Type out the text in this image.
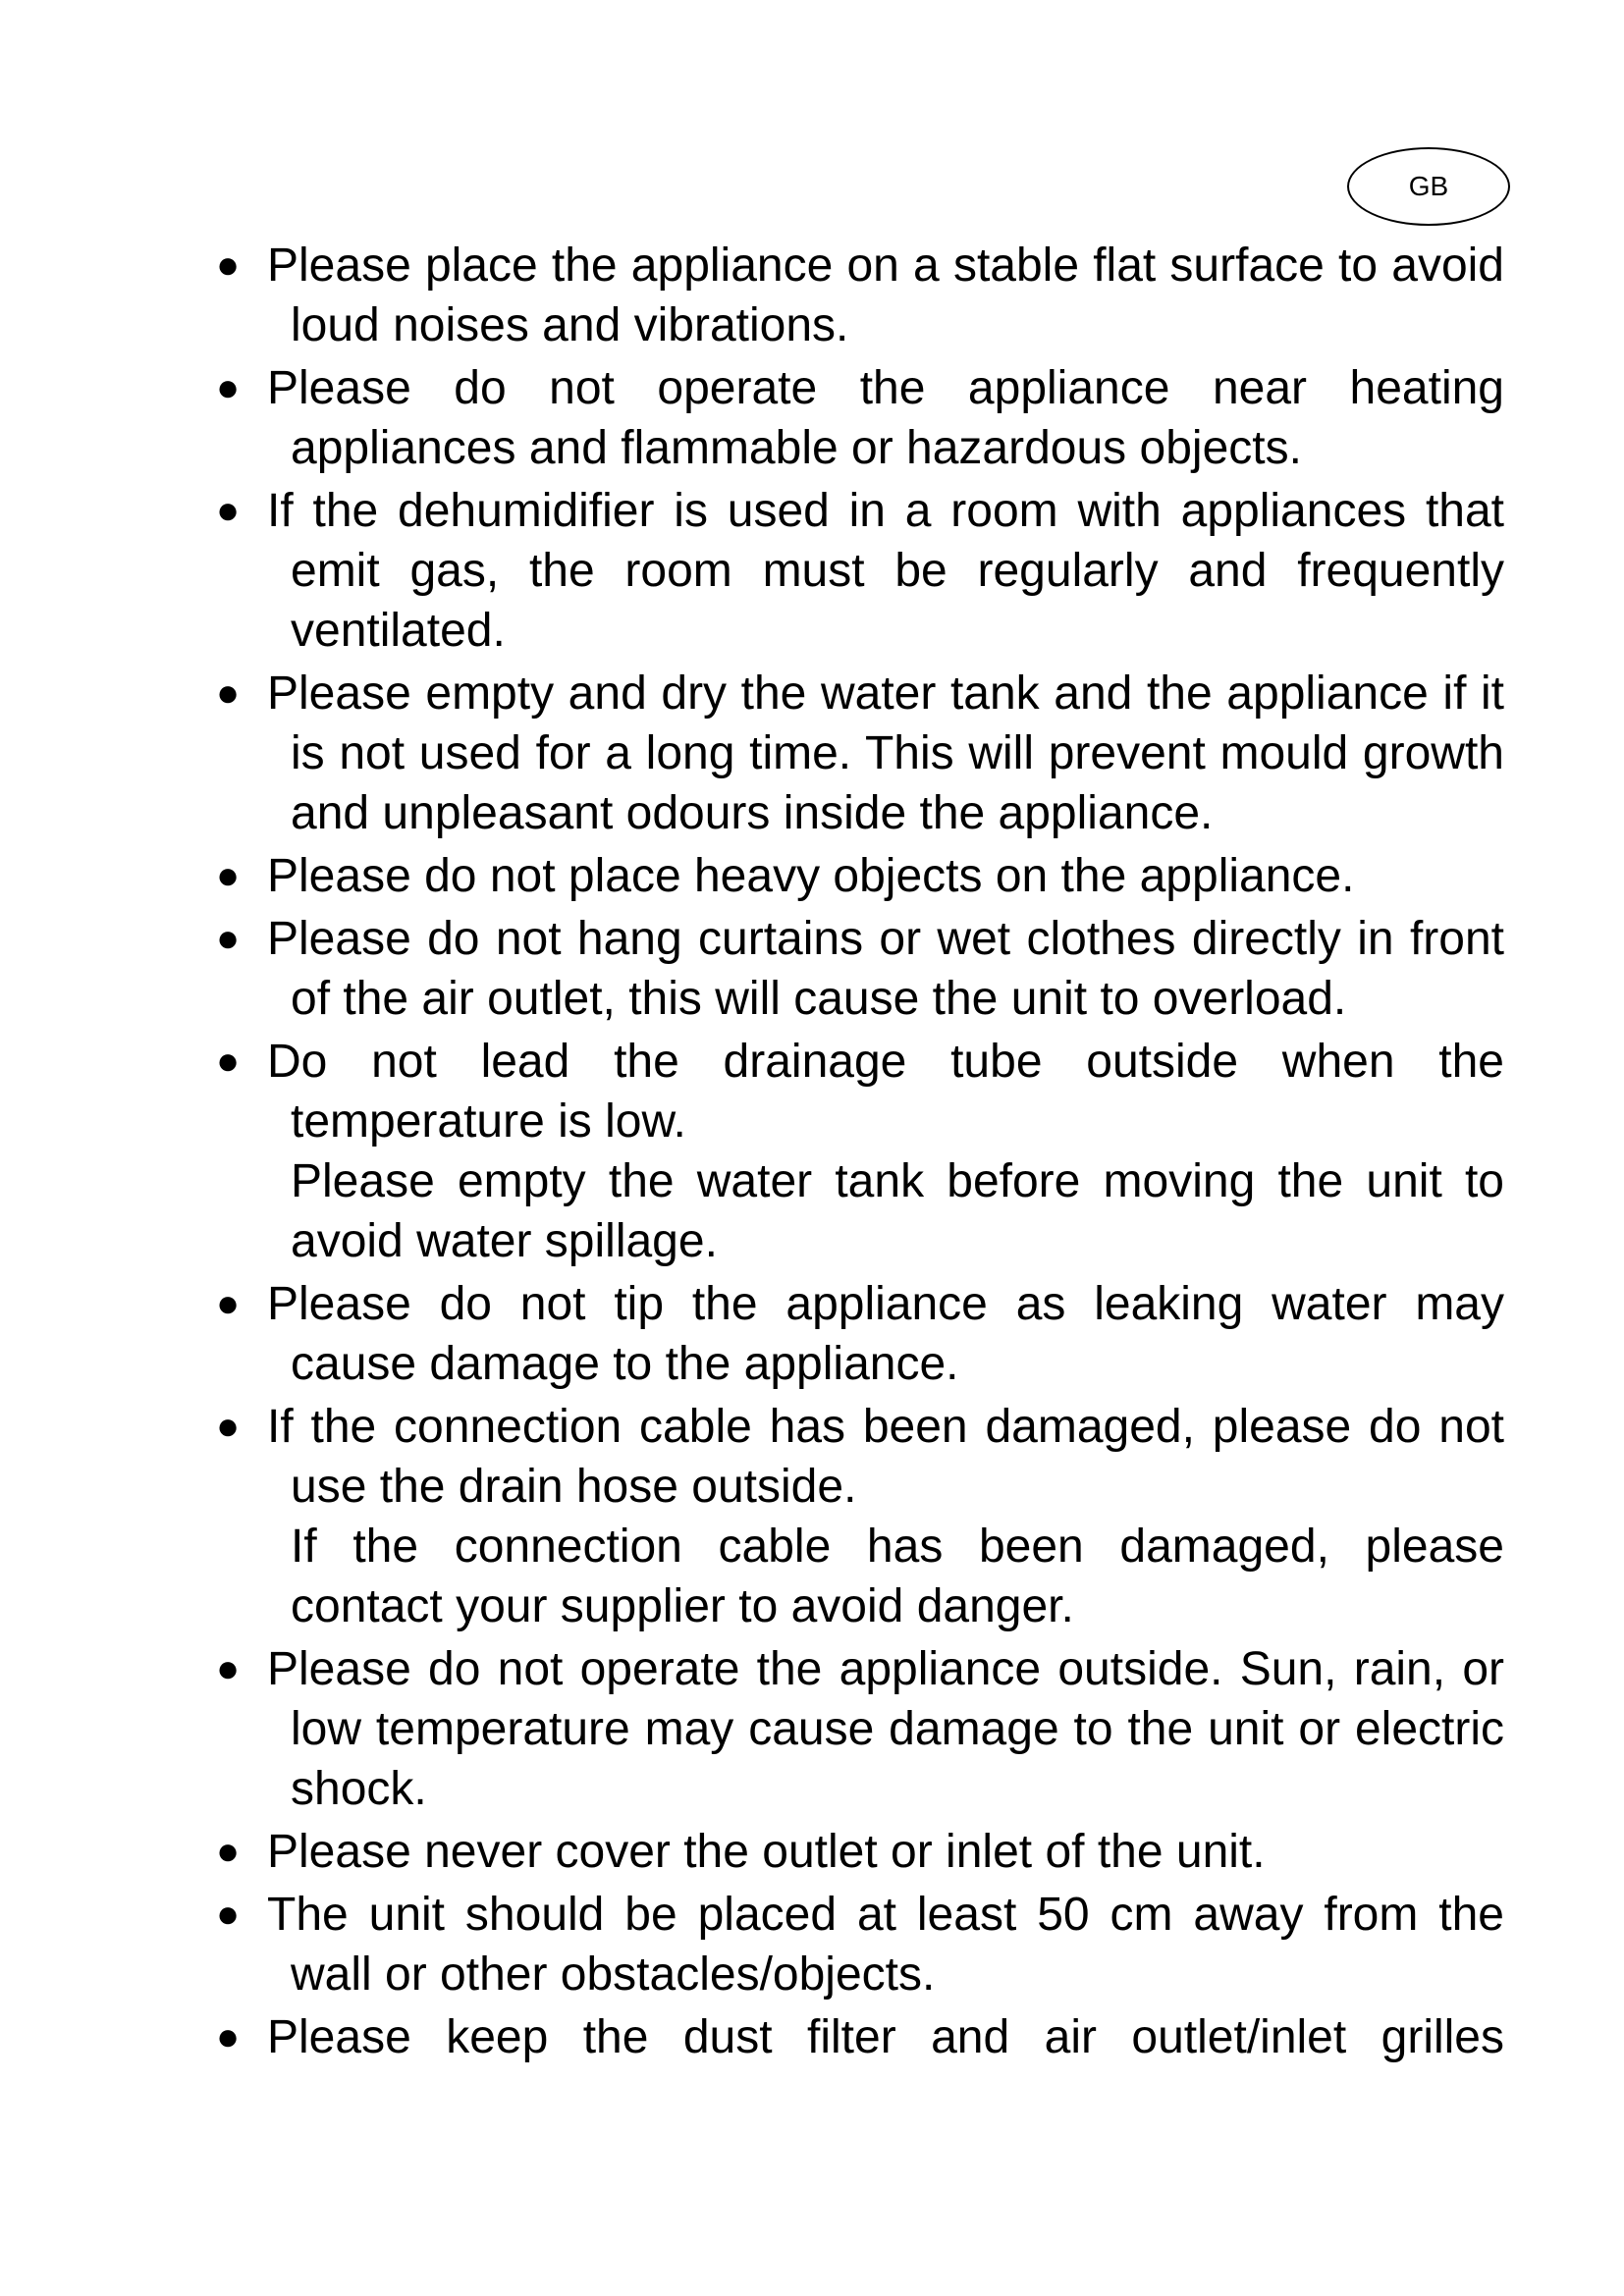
GB
● Please place the appliance on a stable flat surface to avoid loud noises and vibrations.
● Please do not operate the appliance near heating appliances and flammable or hazardous objects.
● If the dehumidifier is used in a room with appliances that emit gas, the room must be regularly and frequently ventilated.
● Please empty and dry the water tank and the appliance if it is not used for a long time. This will prevent mould growth and unpleasant odours inside the appliance.
● Please do not place heavy objects on the appliance.
● Please do not hang curtains or wet clothes directly in front of the air outlet, this will cause the unit to overload.
● Do not lead the drainage tube outside when the temperature is low.
Please empty the water tank before moving the unit to avoid water spillage.
● Please do not tip the appliance as leaking water may cause damage to the appliance.
● If the connection cable has been damaged, please do not use the drain hose outside.
If the connection cable has been damaged, please contact your supplier to avoid danger.
● Please do not operate the appliance outside. Sun, rain, or low temperature may cause damage to the unit or electric shock.
● Please never cover the outlet or inlet of the unit.
● The unit should be placed at least 50 cm away from the wall or other obstacles/objects.
● Please keep the dust filter and air outlet/inlet grilles
